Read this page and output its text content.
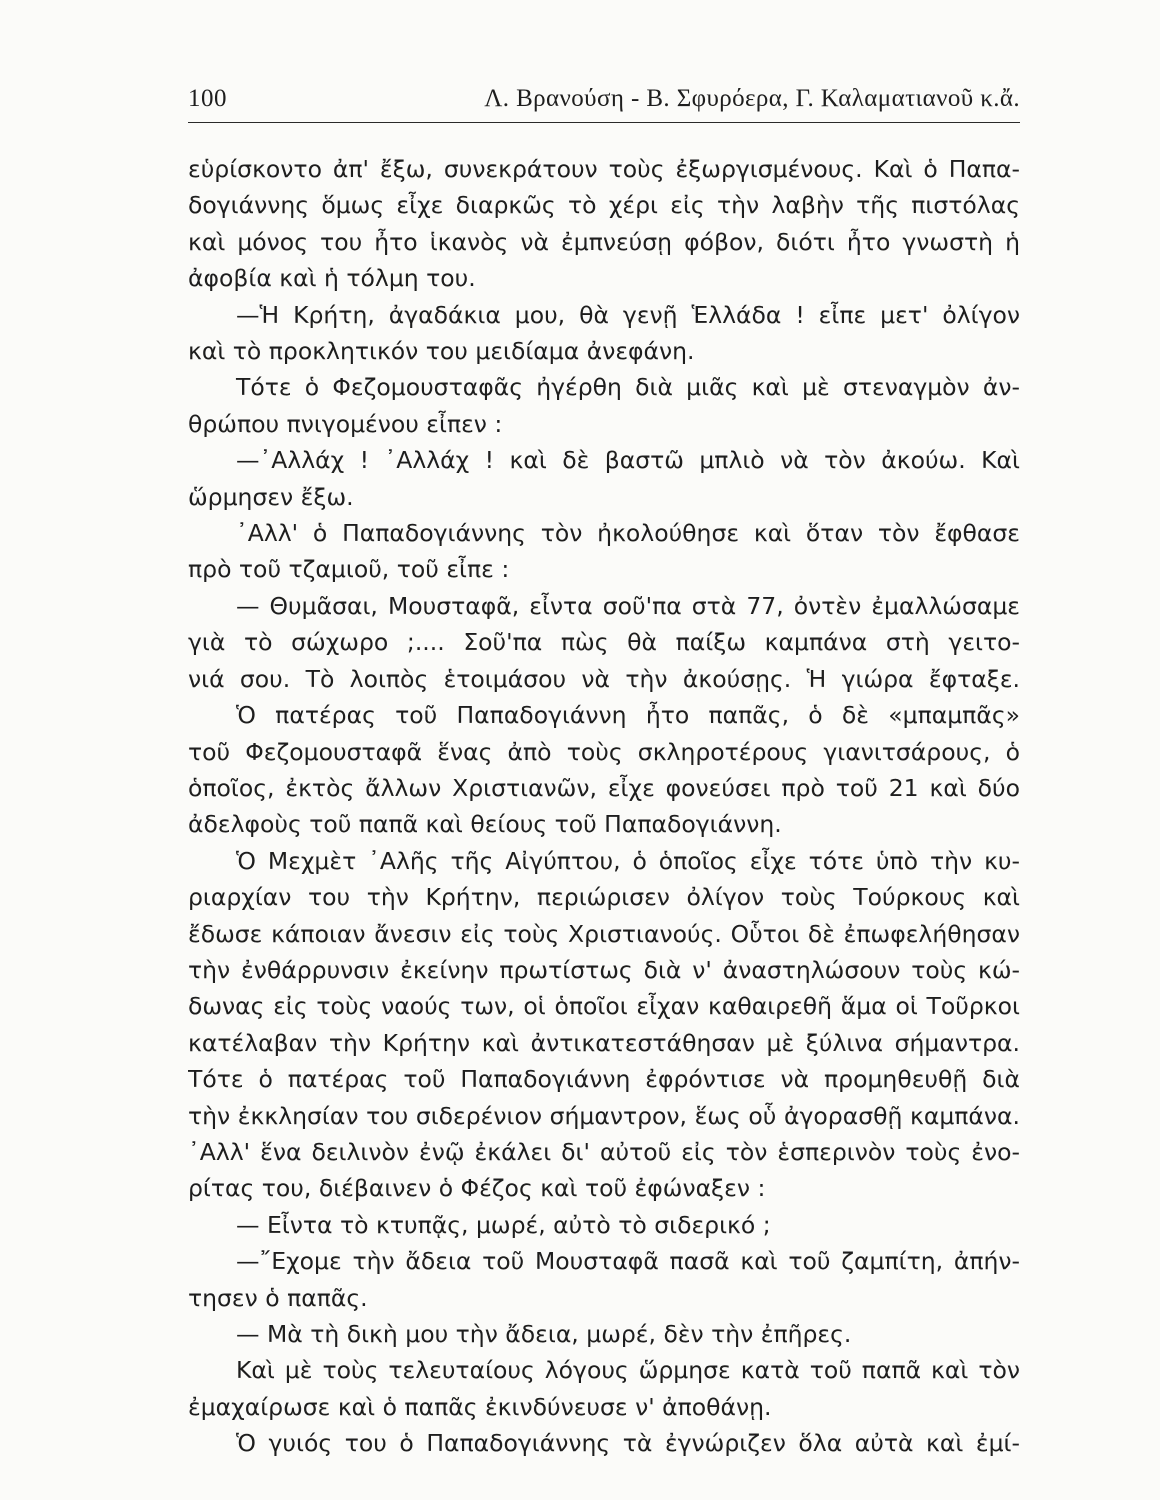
100	Λ. Βρανούση - Β. Σφυρόερα, Γ. Καλαματιανοῦ κ.ἄ.
εὑρίσκοντο ἀπ' ἔξω, συνεκράτουν τοὺς ἐξωργισμένους. Καὶ ὁ Παπα-
δογιάννης ὅμως εἶχε διαρκῶς τὸ χέρι εἰς τὴν λαβὴν τῆς πιστόλας
καὶ μόνος του ἦτο ἱκανὸς νὰ ἐμπνεύσῃ φόβον, διότι ἦτο γνωστὴ ἡ
ἀφοβία καὶ ἡ τόλμη του.
—Ἡ Κρήτη, ἀγαδάκια μου, θὰ γενῇ Ἑλλάδα ! εἶπε μετ' ὀλίγον
καὶ τὸ προκλητικόν του μειδίαμα ἀνεφάνη.
Τότε ὁ Φεζομουσταφᾶς ἠγέρθη διὰ μιᾶς καὶ μὲ στεναγμὸν ἀν-
θρώπου πνιγομένου εἶπεν :
—᾿Αλλάχ ! ᾿Αλλάχ ! καὶ δὲ βαστῶ μπλιὸ νὰ τὸν ἀκούω. Καὶ
ὥρμησεν ἔξω.
᾿Αλλ' ὁ Παπαδογιάννης τὸν ἠκολούθησε καὶ ὅταν τὸν ἔφθασε
πρὸ τοῦ τζαμιοῦ, τοῦ εἶπε :
— Θυμᾶσαι, Μουσταφᾶ, εἶντα σοῦ'πα στὰ 77, ὀντὲν ἐμαλλώσαμε
γιὰ τὸ σώχωρο ;.... Σοῦ'πα πὼς θὰ παίξω καμπάνα στὴ γειτο-
νιά σου. Τὸ λοιπὸς ἑτοιμάσου νὰ τὴν ἀκούσῃς. Ἡ γιώρα ἔφταξε.
Ὁ πατέρας τοῦ Παπαδογιάννη ἦτο παπᾶς, ὁ δὲ «μπαμπᾶς»
τοῦ Φεζομουσταφᾶ ἕνας ἀπὸ τοὺς σκληροτέρους γιανιτσάρους, ὁ
ὁποῖος, ἐκτὸς ἄλλων Χριστιανῶν, εἶχε φονεύσει πρὸ τοῦ 21 καὶ δύο
ἀδελφοὺς τοῦ παπᾶ καὶ θείους τοῦ Παπαδογιάννη.
Ὁ Μεχμὲτ ᾿Αλῆς τῆς Αἰγύπτου, ὁ ὁποῖος εἶχε τότε ὑπὸ τὴν κυ-
ριαρχίαν του τὴν Κρήτην, περιώρισεν ὀλίγον τοὺς Τούρκους καὶ
ἔδωσε κάποιαν ἄνεσιν εἰς τοὺς Χριστιανούς. Οὗτοι δὲ ἐπωφελήθησαν
τὴν ἐνθάρρυνσιν ἐκείνην πρωτίστως διὰ ν' ἀναστηλώσουν τοὺς κώ-
δωνας εἰς τοὺς ναούς των, οἱ ὁποῖοι εἶχαν καθαιρεθῆ ἅμα οἱ Τοῦρκοι
κατέλαβαν τὴν Κρήτην καὶ ἀντικατεστάθησαν μὲ ξύλινα σήμαντρα.
Τότε ὁ πατέρας τοῦ Παπαδογιάννη ἐφρόντισε νὰ προμηθευθῇ διὰ
τὴν ἐκκλησίαν του σιδερένιον σήμαντρον, ἕως οὗ ἀγορασθῇ καμπάνα.
᾿Αλλ' ἕνα δειλινὸν ἐνῷ ἐκάλει δι' αὐτοῦ εἰς τὸν ἑσπερινὸν τοὺς ἐνο-
ρίτας του, διέβαινεν ὁ Φέζος καὶ τοῦ ἐφώναξεν :
— Εἶντα τὸ κτυπᾷς, μωρέ, αὐτὸ τὸ σιδερικό ;
—῎Εχομε τὴν ἄδεια τοῦ Μουσταφᾶ πασᾶ καὶ τοῦ ζαμπίτη, ἀπήν-
τησεν ὁ παπᾶς.
— Μὰ τὴ δικὴ μου τὴν ἄδεια, μωρέ, δὲν τὴν ἐπῆρες.
Καὶ μὲ τοὺς τελευταίους λόγους ὥρμησε κατὰ τοῦ παπᾶ καὶ τὸν
ἐμαχαίρωσε καὶ ὁ παπᾶς ἐκινδύνευσε ν' ἀποθάνῃ.
Ὁ γυιός του ὁ Παπαδογιάννης τὰ ἐγνώριζεν ὅλα αὐτὰ καὶ ἐμί-
